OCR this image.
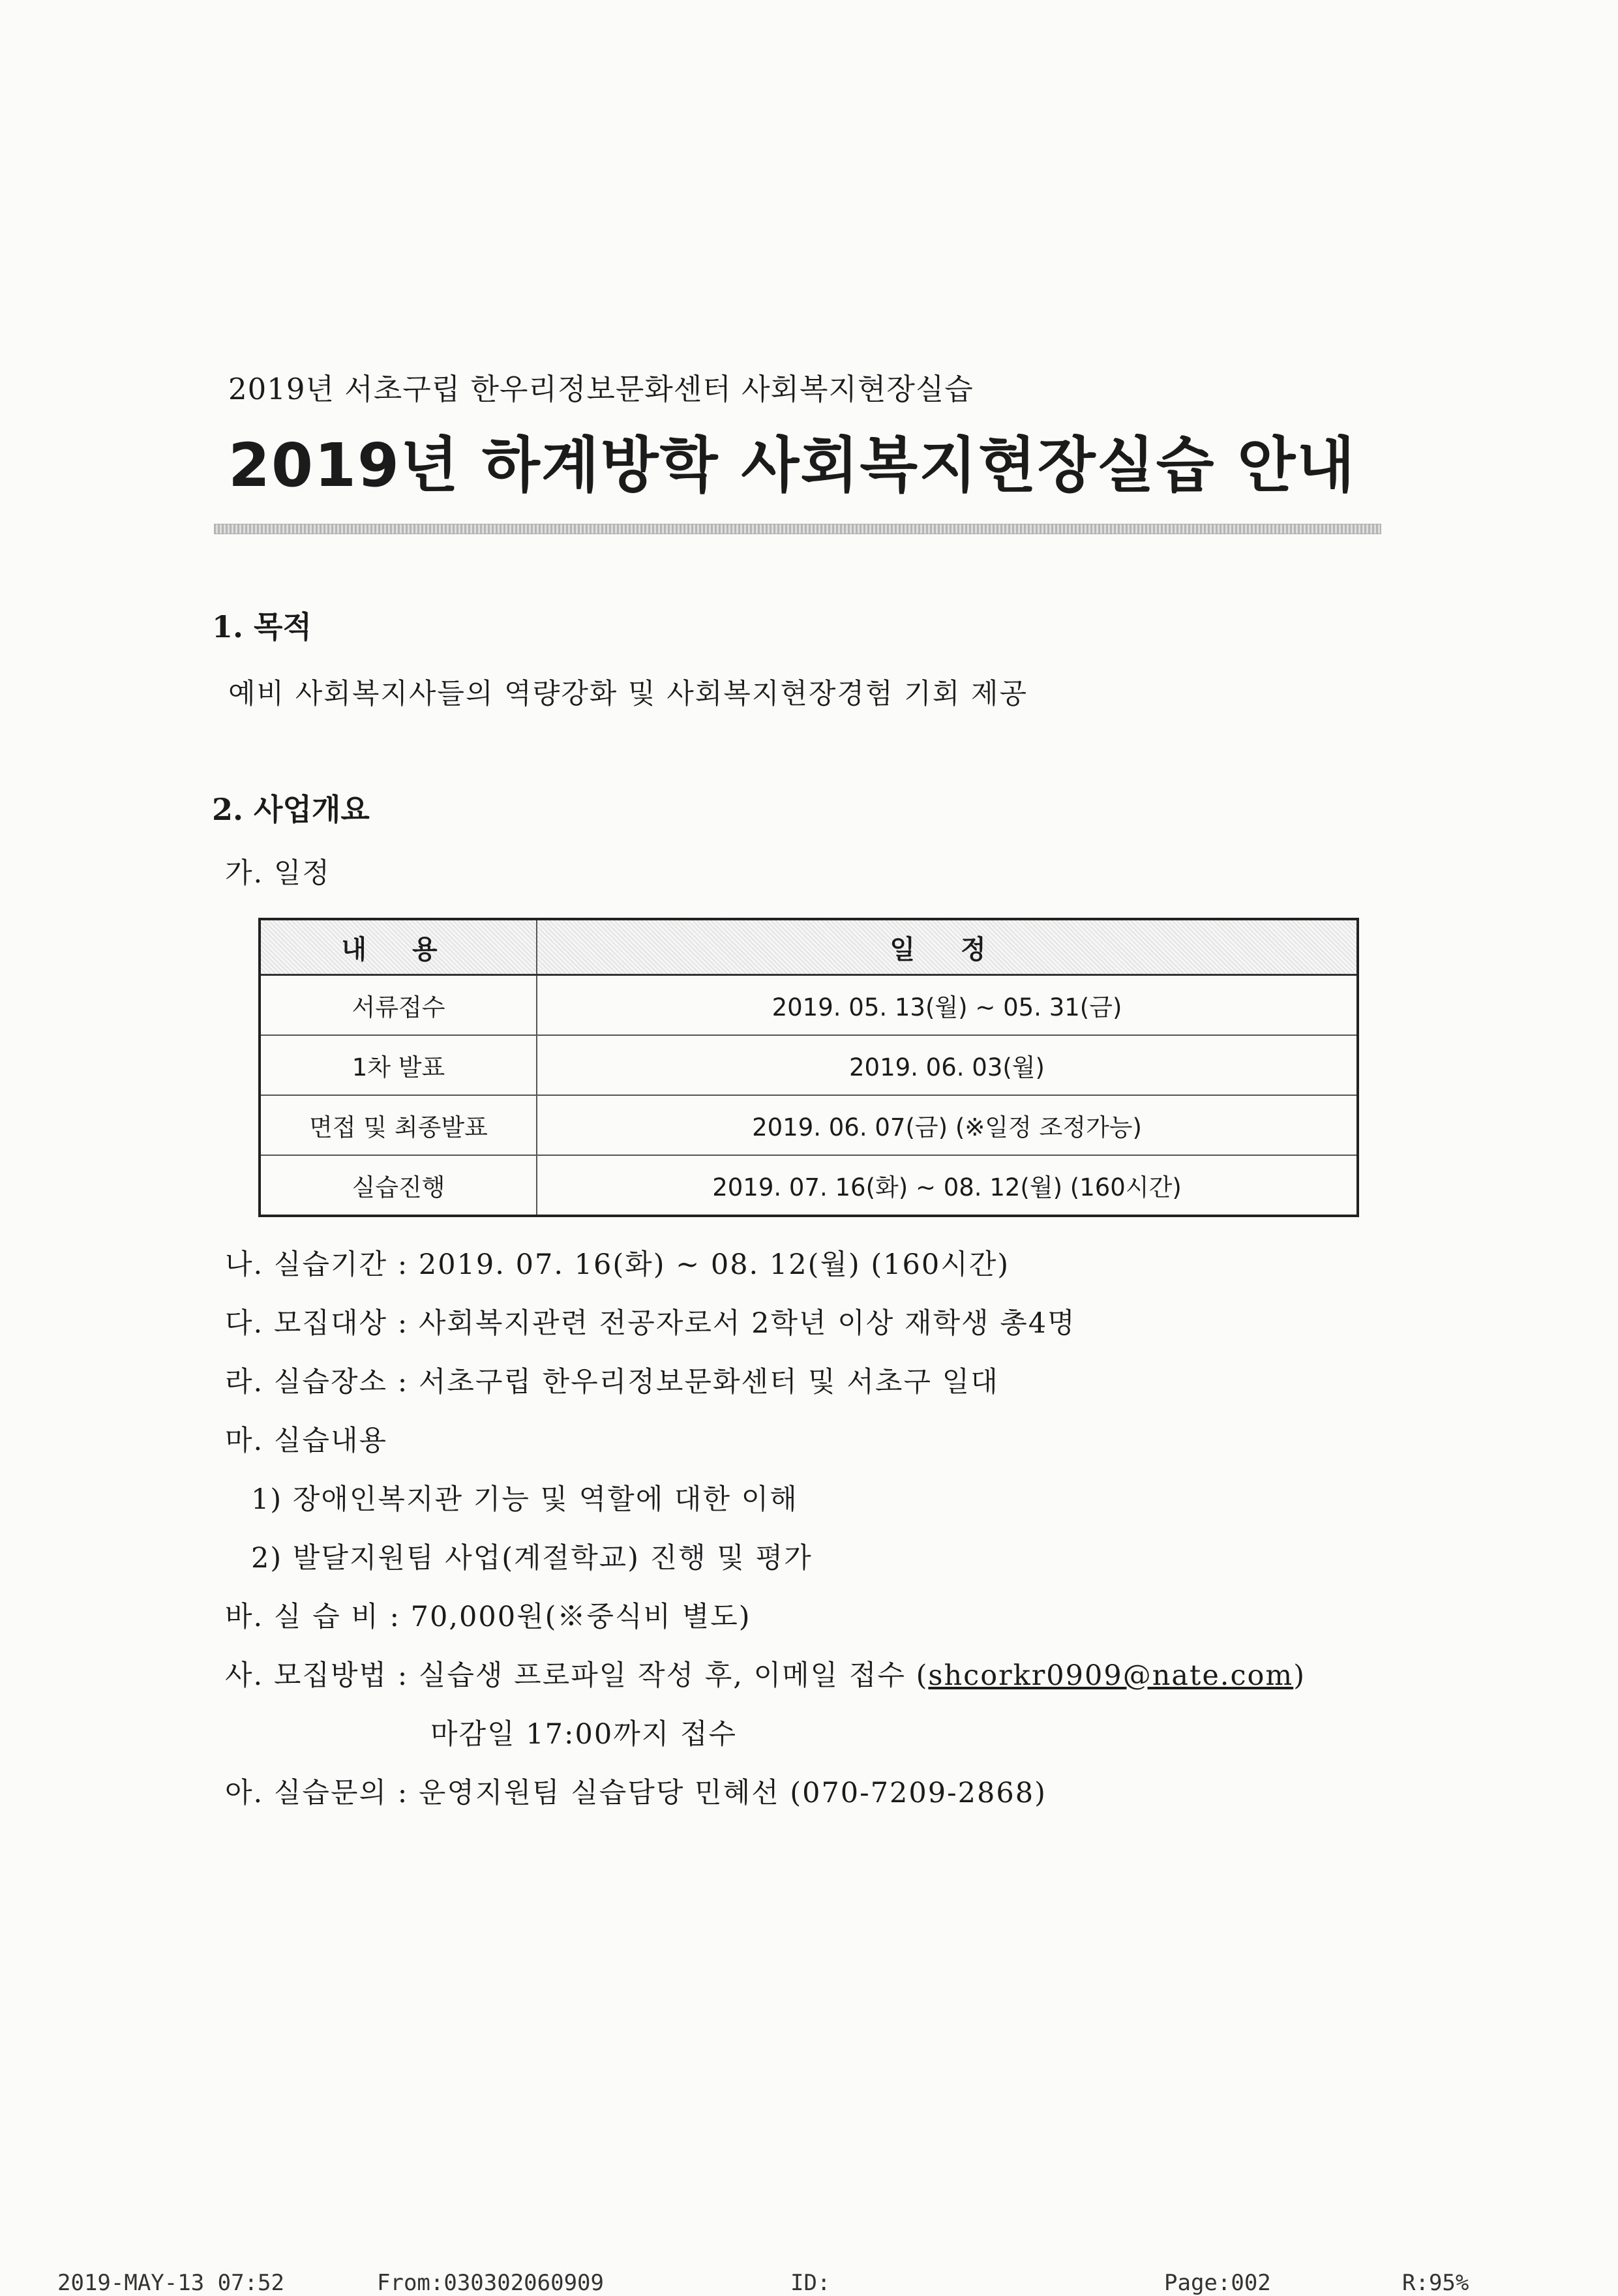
2019년 서초구립 한우리정보문화센터 사회복지현장실습
2019년 하계방학 사회복지현장실습 안내
1. 목적
예비 사회복지사들의 역량강화 및 사회복지현장경험 기회 제공
2. 사업개요
가. 일정
내 용	일 정
서류접수	2019. 05. 13(월) ~ 05. 31(금)
1차 발표	2019. 06. 03(월)
면접 및 최종발표	2019. 06. 07(금) (※일정 조정가능)
실습진행	2019. 07. 16(화) ~ 08. 12(월) (160시간)
나. 실습기간 : 2019. 07. 16(화) ~ 08. 12(월) (160시간)
다. 모집대상 : 사회복지관련 전공자로서 2학년 이상 재학생 총4명
라. 실습장소 : 서초구립 한우리정보문화센터 및 서초구 일대
마. 실습내용
1) 장애인복지관 기능 및 역할에 대한 이해
2) 발달지원팀 사업(계절학교) 진행 및 평가
바. 실 습 비 : 70,000원(※중식비 별도)
사. 모집방법 : 실습생 프로파일 작성 후, 이메일 접수 (shcorkr0909@nate.com)
마감일 17:00까지 접수
아. 실습문의 : 운영지원팀 실습담당 민혜선 (070-7209-2868)
2019-MAY-13 07:52	From:030302060909	ID:	Page:002	R:95%
